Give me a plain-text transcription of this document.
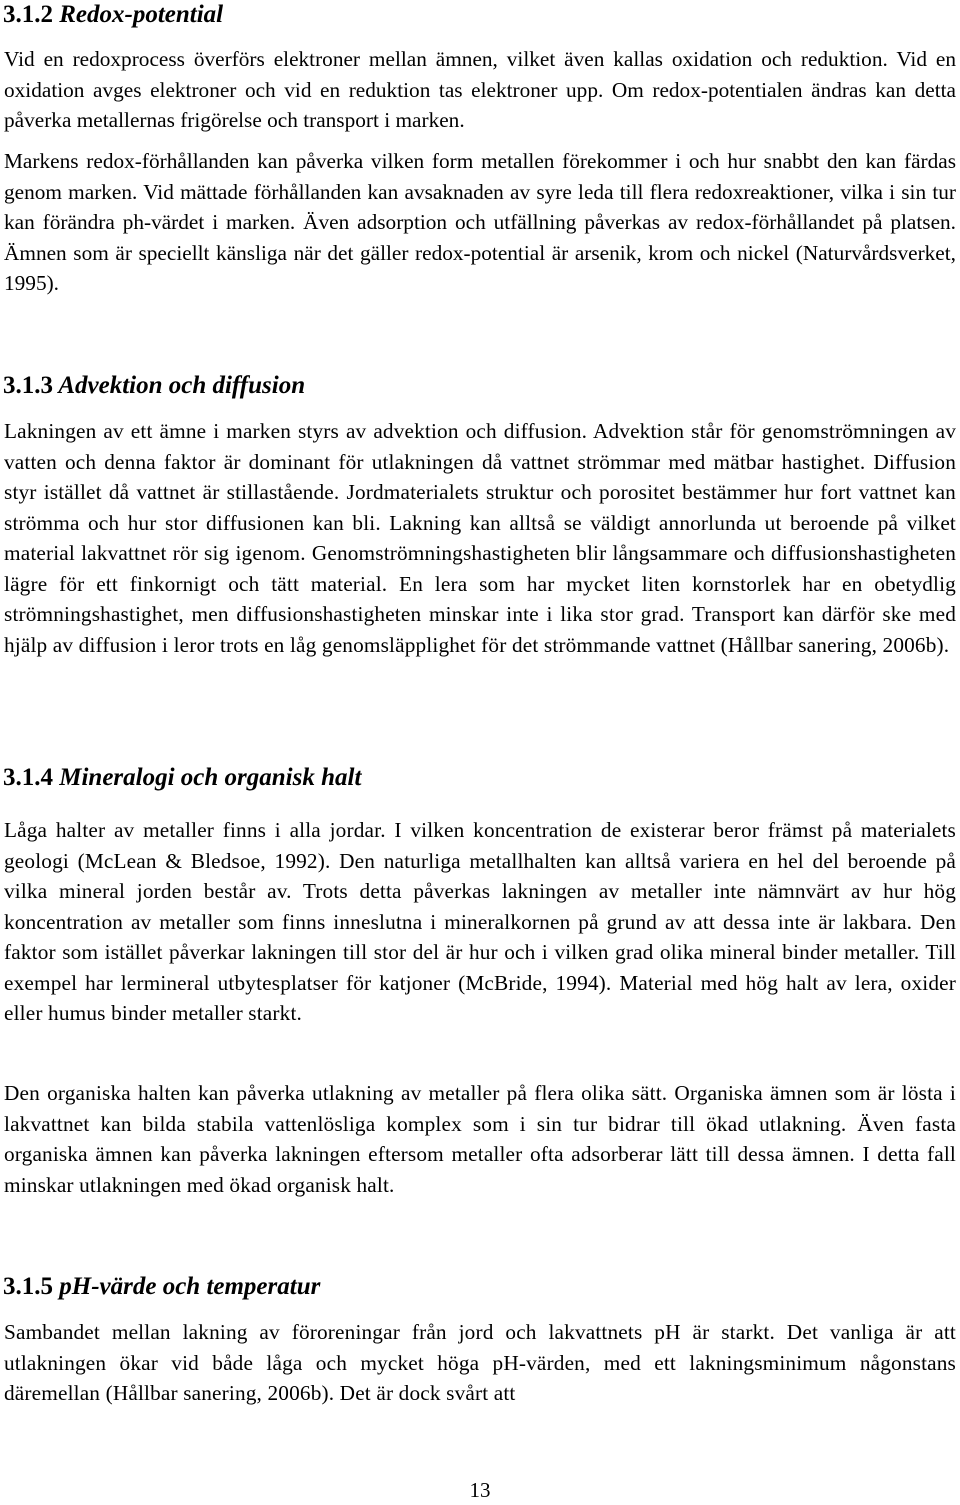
3.1.2 Redox-potential

Vid en redoxprocess överförs elektroner mellan ämnen, vilket även kallas oxidation och reduktion. Vid en oxidation avges elektroner och vid en reduktion tas elektroner upp. Om redox-potentialen ändras kan detta påverka metallernas frigörelse och transport i marken.

Markens redox-förhållanden kan påverka vilken form metallen förekommer i och hur snabbt den kan färdas genom marken. Vid mättade förhållanden kan avsaknaden av syre leda till flera redoxreaktioner, vilka i sin tur kan förändra ph-värdet i marken. Även adsorption och utfällning påverkas av redox-förhållandet på platsen. Ämnen som är speciellt känsliga när det gäller redox-potential är arsenik, krom och nickel (Naturvårdsverket, 1995).

3.1.3 Advektion och diffusion

Lakningen av ett ämne i marken styrs av advektion och diffusion. Advektion står för genomströmningen av vatten och denna faktor är dominant för utlakningen då vattnet strömmar med mätbar hastighet. Diffusion styr istället då vattnet är stillastående. Jordmaterialets struktur och porositet bestämmer hur fort vattnet kan strömma och hur stor diffusionen kan bli. Lakning kan alltså se väldigt annorlunda ut beroende på vilket material lakvattnet rör sig igenom. Genomströmningshastigheten blir långsammare och diffusionshastigheten lägre för ett finkornigt och tätt material. En lera som har mycket liten kornstorlek har en obetydlig strömningshastighet, men diffusionshastigheten minskar inte i lika stor grad. Transport kan därför ske med hjälp av diffusion i leror trots en låg genomsläpplighet för det strömmande vattnet (Hållbar sanering, 2006b).

3.1.4 Mineralogi och organisk halt

Låga halter av metaller finns i alla jordar. I vilken koncentration de existerar beror främst på materialets geologi (McLean & Bledsoe, 1992). Den naturliga metallhalten kan alltså variera en hel del beroende på vilka mineral jorden består av. Trots detta påverkas lakningen av metaller inte nämnvärt av hur hög koncentration av metaller som finns inneslutna i mineralkornen på grund av att dessa inte är lakbara. Den faktor som istället påverkar lakningen till stor del är hur och i vilken grad olika mineral binder metaller. Till exempel har lermineral utbytesplatser för katjoner (McBride, 1994). Material med hög halt av lera, oxider eller humus binder metaller starkt.

Den organiska halten kan påverka utlakning av metaller på flera olika sätt. Organiska ämnen som är lösta i lakvattnet kan bilda stabila vattenlösliga komplex som i sin tur bidrar till ökad utlakning. Även fasta organiska ämnen kan påverka lakningen eftersom metaller ofta adsorberar lätt till dessa ämnen. I detta fall minskar utlakningen med ökad organisk halt.

3.1.5 pH-värde och temperatur

Sambandet mellan lakning av föroreningar från jord och lakvattnets pH är starkt. Det vanliga är att utlakningen ökar vid både låga och mycket höga pH-värden, med ett lakningsminimum någonstans däremellan (Hållbar sanering, 2006b). Det är dock svårt att

13
